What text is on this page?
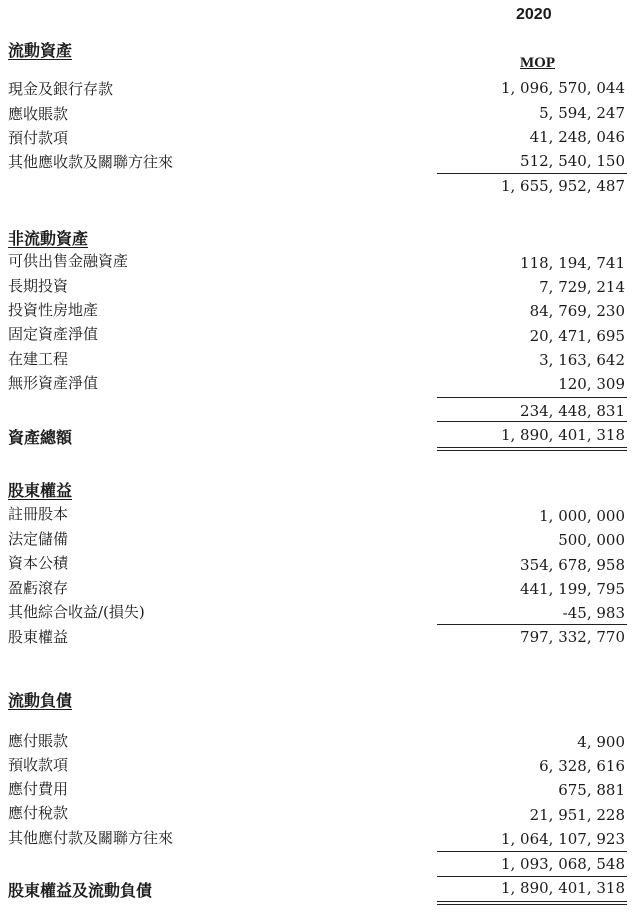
2020
MOP
流動資產
現金及銀行存款	1, 096, 570, 044
應收賬款	5, 594, 247
預付款項	41, 248, 046
其他應收款及關聯方往來	512, 540, 150
1, 655, 952, 487
非流動資產
可供出售金融資產	118, 194, 741
長期投資	7, 729, 214
投資性房地產	84, 769, 230
固定資產淨值	20, 471, 695
在建工程	3, 163, 642
無形資產淨值	120, 309
234, 448, 831
資產總額	1, 890, 401, 318
股東權益
註冊股本	1, 000, 000
法定儲備	500, 000
資本公積	354, 678, 958
盈虧滾存	441, 199, 795
其他綜合收益/(損失)	-45, 983
股東權益	797, 332, 770
流動負債
應付賬款	4, 900
預收款項	6, 328, 616
應付費用	675, 881
應付稅款	21, 951, 228
其他應付款及關聯方往來	1, 064, 107, 923
1, 093, 068, 548
股東權益及流動負債	1, 890, 401, 318
